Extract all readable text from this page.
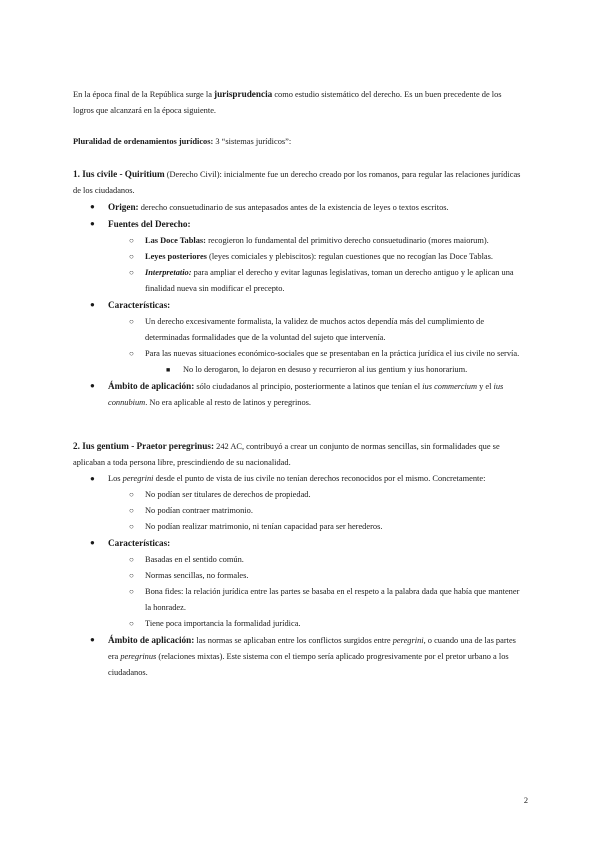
En la época final de la República surge la jurisprudencia como estudio sistemático del derecho. Es un buen precedente de los logros que alcanzará en la época siguiente.

Pluralidad de ordenamientos jurídicos: 3 “sistemas jurídicos”:

1. Ius civile - Quiritium (Derecho Civil): inicialmente fue un derecho creado por los romanos, para regular las relaciones jurídicas de los ciudadanos.

● Origen: derecho consuetudinario de sus antepasados antes de la existencia de leyes o textos escritos.

● Fuentes del Derecho:

○ Las Doce Tablas: recogieron lo fundamental del primitivo derecho consuetudinario (mores maiorum).

○ Leyes posteriores (leyes comiciales y plebiscitos): regulan cuestiones que no recogían las Doce Tablas.

○ Interpretatio: para ampliar el derecho y evitar lagunas legislativas, toman un derecho antiguo y le aplican una finalidad nueva sin modificar el precepto.

● Características:

○ Un derecho excesivamente formalista, la validez de muchos actos dependía más del cumplimiento de determinadas formalidades que de la voluntad del sujeto que intervenía.

○ Para las nuevas situaciones económico-sociales que se presentaban en la práctica jurídica el ius civile no servía.

■ No lo derogaron, lo dejaron en desuso y recurrieron al ius gentium y ius honorarium.

● Ámbito de aplicación: sólo ciudadanos al principio, posteriormente a latinos que tenían el ius commercium y el ius connubium. No era aplicable al resto de latinos y peregrinos.

2. Ius gentium - Praetor peregrinus: 242 AC, contribuyó a crear un conjunto de normas sencillas, sin formalidades que se aplicaban a toda persona libre, prescindiendo de su nacionalidad.

● Los peregrini desde el punto de vista de ius civile no tenían derechos reconocidos por el mismo. Concretamente:

○ No podían ser titulares de derechos de propiedad.

○ No podían contraer matrimonio.

○ No podían realizar matrimonio, ni tenían capacidad para ser herederos.

● Características:

○ Basadas en el sentido común.

○ Normas sencillas, no formales.

○ Bona fides: la relación jurídica entre las partes se basaba en el respeto a la palabra dada que había que mantener la honradez.

○ Tiene poca importancia la formalidad jurídica.

● Ámbito de aplicación: las normas se aplicaban entre los conflictos surgidos entre peregrini, o cuando una de las partes era peregrinus (relaciones mixtas). Este sistema con el tiempo sería aplicado progresivamente por el pretor urbano a los ciudadanos.

2
